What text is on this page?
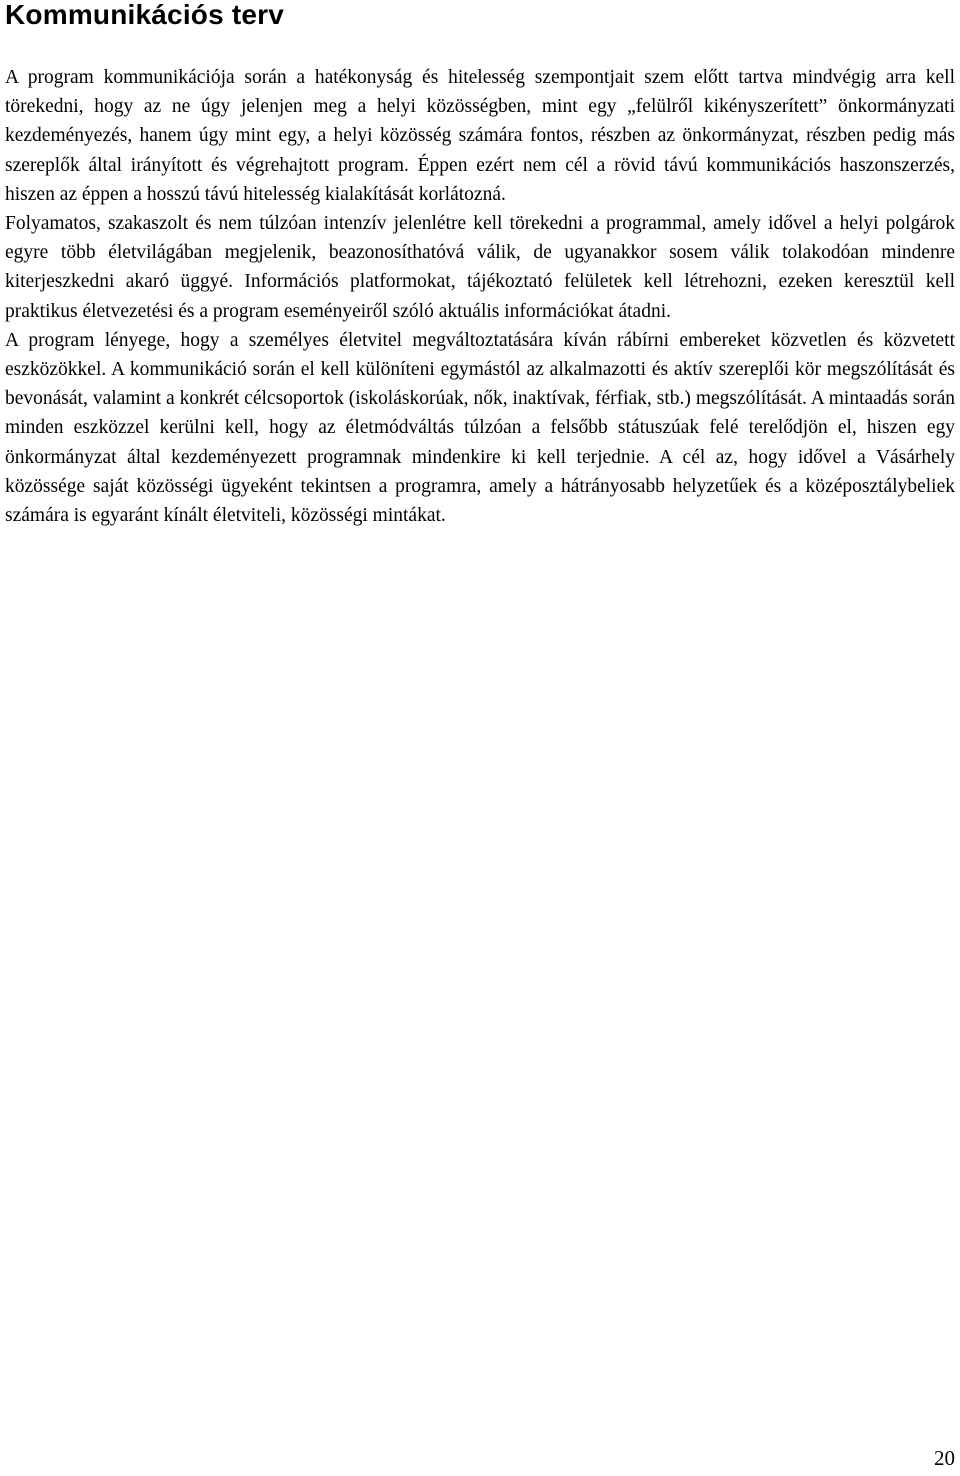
Kommunikációs terv

A program kommunikációja során a hatékonyság és hitelesség szempontjait szem előtt tartva mindvégig arra kell törekedni, hogy az ne úgy jelenjen meg a helyi közösségben, mint egy „felülről kikényszerített” önkormányzati kezdeményezés, hanem úgy mint egy, a helyi közösség számára fontos, részben az önkormányzat, részben pedig más szereplők által irányított és végrehajtott program. Éppen ezért nem cél a rövid távú kommunikációs haszonszerzés, hiszen az éppen a hosszú távú hitelesség kialakítását korlátozná.

Folyamatos, szakaszolt és nem túlzóan intenzív jelenlétre kell törekedni a programmal, amely idővel a helyi polgárok egyre több életvilágában megjelenik, beazonosíthatóvá válik, de ugyanakkor sosem válik tolakodóan mindenre kiterjeszkedni akaró üggyé. Információs platformokat, tájékoztató felületek kell létrehozni, ezeken keresztül kell praktikus életvezetési és a program eseményeiről szóló aktuális információkat átadni.

A program lényege, hogy a személyes életvitel megváltoztatására kíván rábírni embereket közvetlen és közvetett eszközökkel. A kommunikáció során el kell különíteni egymástól az alkalmazotti és aktív szereplői kör megszólítását és bevonását, valamint a konkrét célcsoportok (iskoláskorúak, nők, inaktívak, férfiak, stb.) megszólítását. A mintaadás során minden eszközzel kerülni kell, hogy az életmódváltás túlzóan a felsőbb státuszúak felé terelődjön el, hiszen egy önkormányzat által kezdeményezett programnak mindenkire ki kell terjednie. A cél az, hogy idővel a Vásárhely közössége saját közösségi ügyeként tekintsen a programra, amely a hátrányosabb helyzetűek és a középosztálybeliek számára is egyaránt kínált életviteli, közösségi mintákat.

20
